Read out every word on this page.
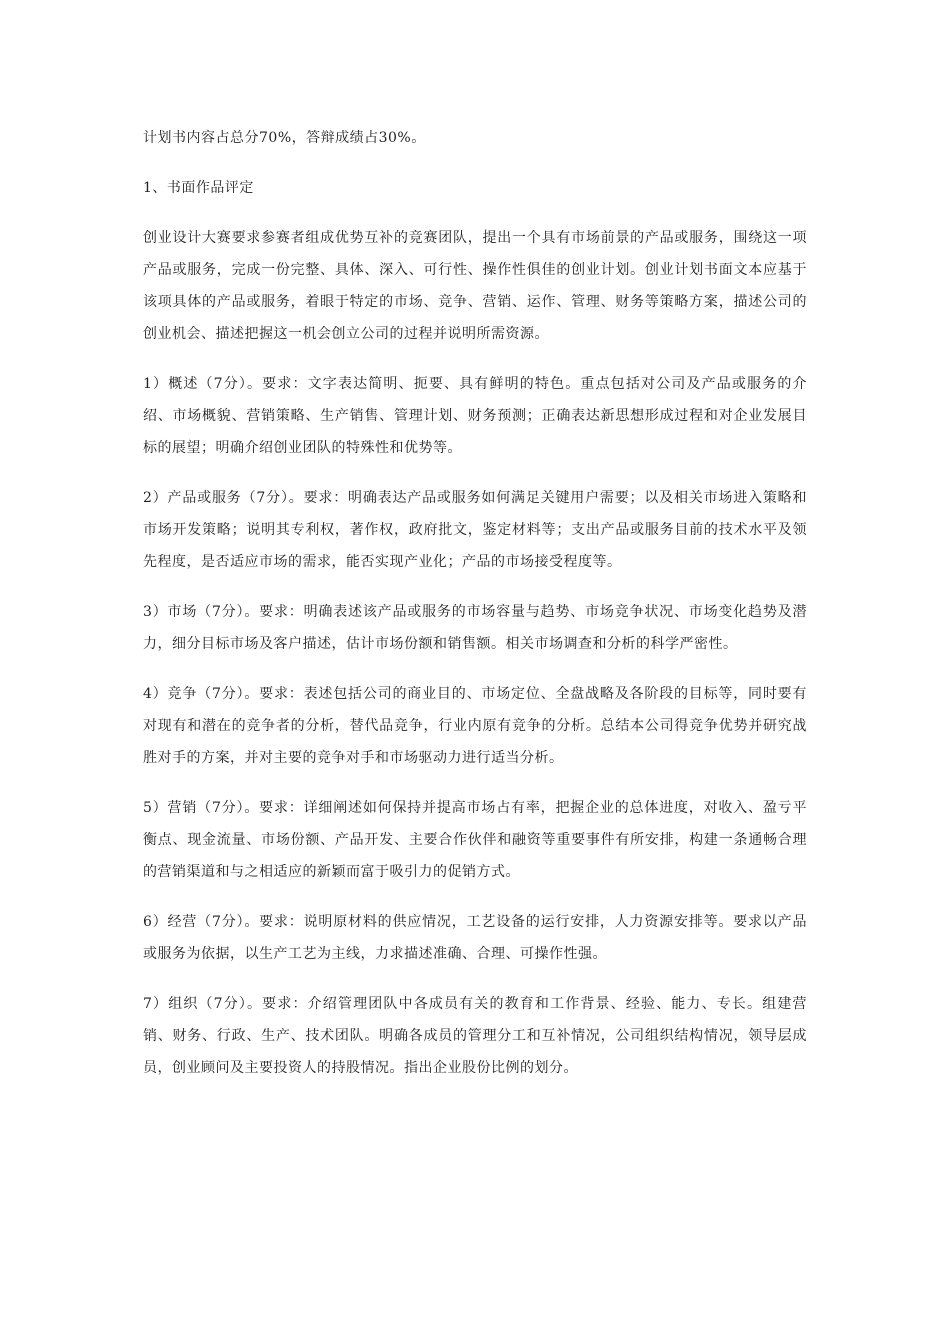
计划书内容占总分70%，答辩成绩占30%。

1、书面作品评定

创业设计大赛要求参赛者组成优势互补的竞赛团队，提出一个具有市场前景的产品或服务，围绕这一项产品或服务，完成一份完整、具体、深入、可行性、操作性俱佳的创业计划。创业计划书面文本应基于该项具体的产品或服务，着眼于特定的市场、竞争、营销、运作、管理、财务等策略方案，描述公司的创业机会、描述把握这一机会创立公司的过程并说明所需资源。

1）概述（7分）。要求：文字表达简明、扼要、具有鲜明的特色。重点包括对公司及产品或服务的介绍、市场概貌、营销策略、生产销售、管理计划、财务预测；正确表达新思想形成过程和对企业发展目标的展望；明确介绍创业团队的特殊性和优势等。

2）产品或服务（7分）。要求：明确表达产品或服务如何满足关键用户需要；以及相关市场进入策略和市场开发策略；说明其专利权，著作权，政府批文，鉴定材料等；支出产品或服务目前的技术水平及领先程度，是否适应市场的需求，能否实现产业化；产品的市场接受程度等。

3）市场（7分）。要求：明确表述该产品或服务的市场容量与趋势、市场竞争状况、市场变化趋势及潜力，细分目标市场及客户描述，估计市场份额和销售额。相关市场调查和分析的科学严密性。

4）竞争（7分）。要求：表述包括公司的商业目的、市场定位、全盘战略及各阶段的目标等，同时要有对现有和潜在的竞争者的分析，替代品竞争，行业内原有竞争的分析。总结本公司得竞争优势并研究战胜对手的方案，并对主要的竞争对手和市场驱动力进行适当分析。

5）营销（7分）。要求：详细阐述如何保持并提高市场占有率，把握企业的总体进度，对收入、盈亏平衡点、现金流量、市场份额、产品开发、主要合作伙伴和融资等重要事件有所安排，构建一条通畅合理的营销渠道和与之相适应的新颖而富于吸引力的促销方式。

6）经营（7分）。要求：说明原材料的供应情况，工艺设备的运行安排，人力资源安排等。要求以产品或服务为依据，以生产工艺为主线，力求描述准确、合理、可操作性强。

7）组织（7分）。要求：介绍管理团队中各成员有关的教育和工作背景、经验、能力、专长。组建营销、财务、行政、生产、技术团队。明确各成员的管理分工和互补情况，公司组织结构情况，领导层成员，创业顾问及主要投资人的持股情况。指出企业股份比例的划分。
